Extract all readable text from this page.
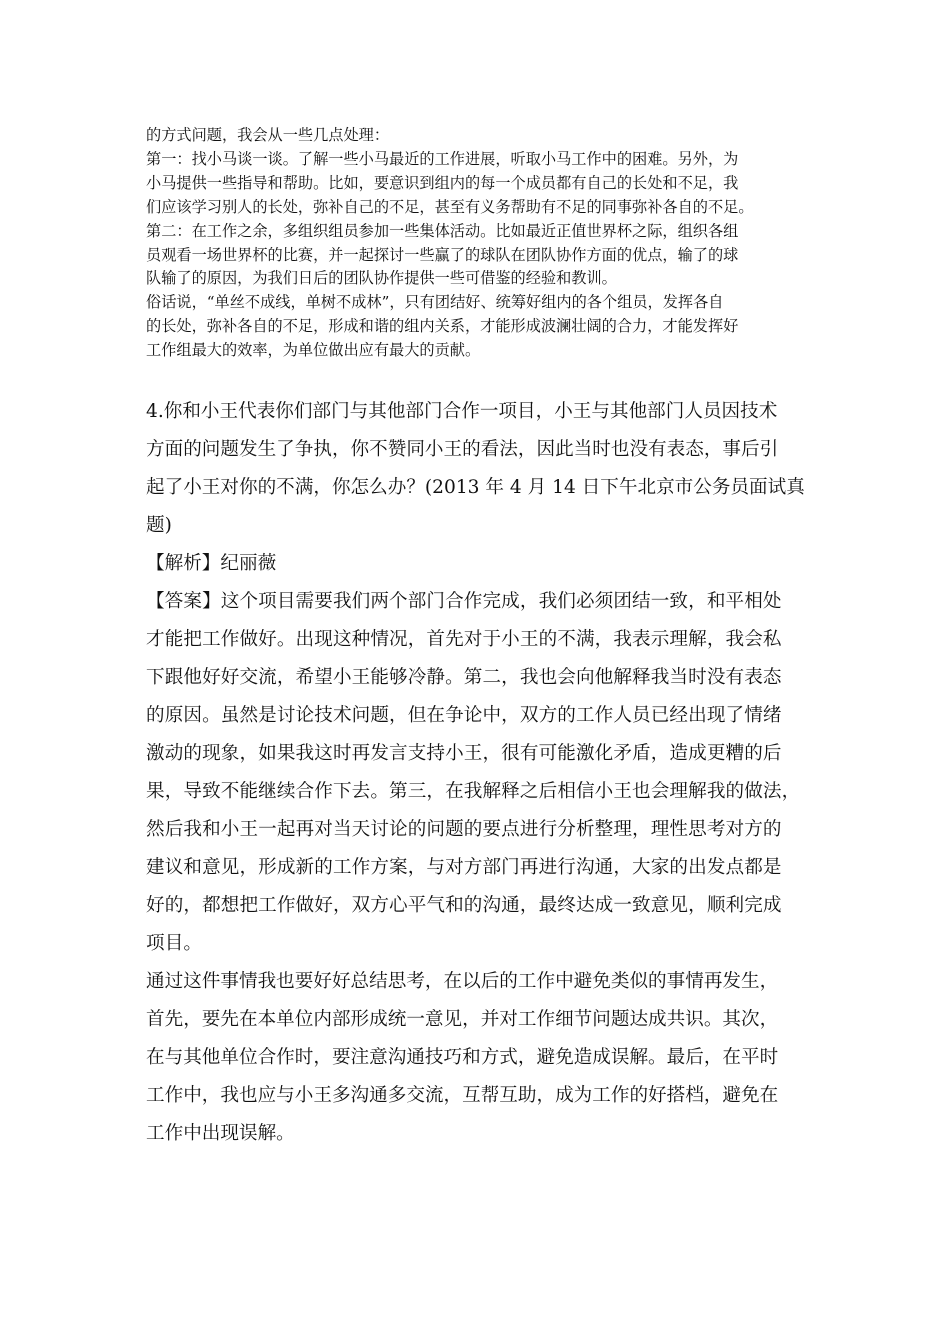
的方式问题，我会从一些几点处理：

第一：找小马谈一谈。了解一些小马最近的工作进展，听取小马工作中的困难。另外，为

小马提供一些指导和帮助。比如，要意识到组内的每一个成员都有自己的长处和不足，我

们应该学习别人的长处，弥补自己的不足，甚至有义务帮助有不足的同事弥补各自的不足。

第二：在工作之余，多组织组员参加一些集体活动。比如最近正值世界杯之际，组织各组

员观看一场世界杯的比赛，并一起探讨一些赢了的球队在团队协作方面的优点，输了的球

队输了的原因，为我们日后的团队协作提供一些可借鉴的经验和教训。

俗话说，“单丝不成线，单树不成林”，只有团结好、统筹好组内的各个组员，发挥各自

的长处，弥补各自的不足，形成和谐的组内关系，才能形成波澜壮阔的合力，才能发挥好

工作组最大的效率，为单位做出应有最大的贡献。

4.你和小王代表你们部门与其他部门合作一项目，小王与其他部门人员因技术

方面的问题发生了争执，你不赞同小王的看法，因此当时也没有表态，事后引

起了小王对你的不满，你怎么办？(2013 年 4 月 14 日下午北京市公务员面试真

题)

【解析】纪丽薇

【答案】这个项目需要我们两个部门合作完成，我们必须团结一致，和平相处

才能把工作做好。出现这种情况，首先对于小王的不满，我表示理解，我会私

下跟他好好交流，希望小王能够冷静。第二，我也会向他解释我当时没有表态

的原因。虽然是讨论技术问题，但在争论中，双方的工作人员已经出现了情绪

激动的现象，如果我这时再发言支持小王，很有可能激化矛盾，造成更糟的后

果，导致不能继续合作下去。第三，在我解释之后相信小王也会理解我的做法，

然后我和小王一起再对当天讨论的问题的要点进行分析整理，理性思考对方的

建议和意见，形成新的工作方案，与对方部门再进行沟通，大家的出发点都是

好的，都想把工作做好，双方心平气和的沟通，最终达成一致意见，顺利完成

项目。

通过这件事情我也要好好总结思考，在以后的工作中避免类似的事情再发生，

首先，要先在本单位内部形成统一意见，并对工作细节问题达成共识。其次，

在与其他单位合作时，要注意沟通技巧和方式，避免造成误解。最后，在平时

工作中，我也应与小王多沟通多交流，互帮互助，成为工作的好搭档，避免在

工作中出现误解。
